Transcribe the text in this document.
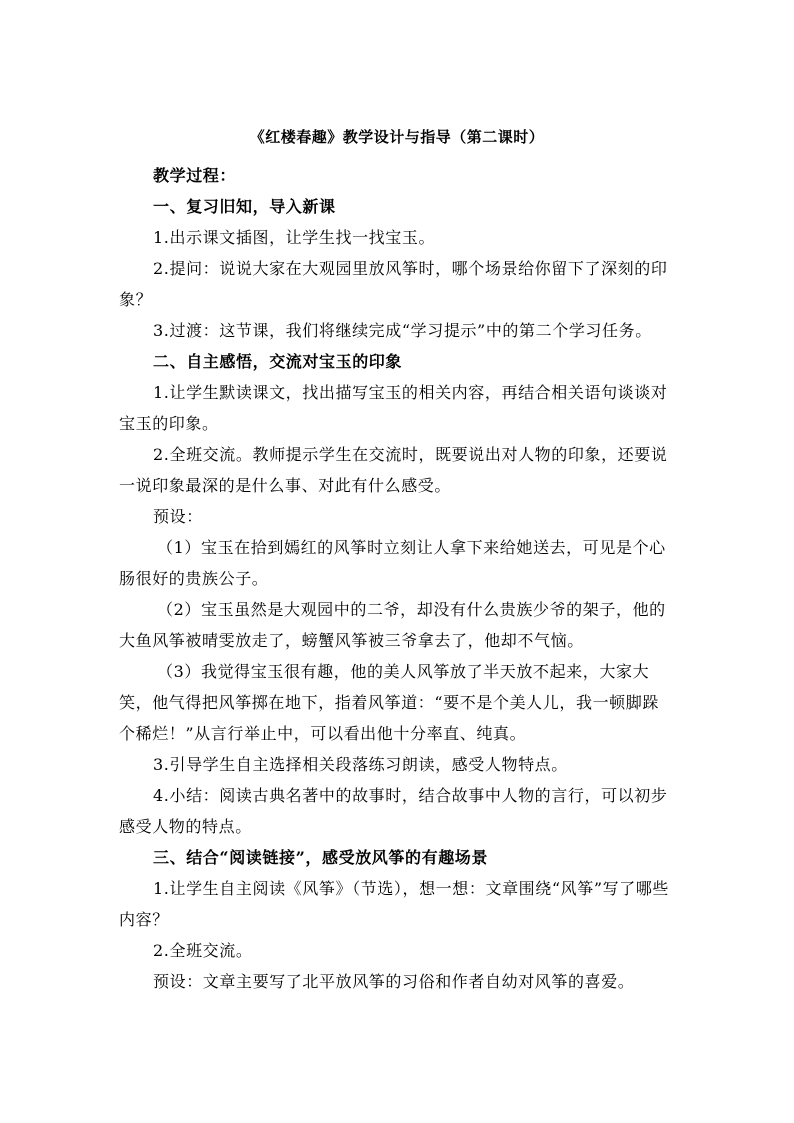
《红楼春趣》教学设计与指导（第二课时）

教学过程：

一、复习旧知，导入新课

1.出示课文插图，让学生找一找宝玉。

2.提问：说说大家在大观园里放风筝时，哪个场景给你留下了深刻的印象？

3.过渡：这节课，我们将继续完成“学习提示”中的第二个学习任务。

二、自主感悟，交流对宝玉的印象

1.让学生默读课文，找出描写宝玉的相关内容，再结合相关语句谈谈对宝玉的印象。

2.全班交流。教师提示学生在交流时，既要说出对人物的印象，还要说一说印象最深的是什么事、对此有什么感受。

预设：

（1）宝玉在拾到嫣红的风筝时立刻让人拿下来给她送去，可见是个心肠很好的贵族公子。

（2）宝玉虽然是大观园中的二爷，却没有什么贵族少爷的架子，他的大鱼风筝被晴雯放走了，螃蟹风筝被三爷拿去了，他却不气恼。

（3）我觉得宝玉很有趣，他的美人风筝放了半天放不起来，大家大笑，他气得把风筝掷在地下，指着风筝道：“要不是个美人儿，我一顿脚跺个稀烂！”从言行举止中，可以看出他十分率直、纯真。

3.引导学生自主选择相关段落练习朗读，感受人物特点。

4.小结：阅读古典名著中的故事时，结合故事中人物的言行，可以初步感受人物的特点。

三、结合“阅读链接”，感受放风筝的有趣场景

1.让学生自主阅读《风筝》（节选），想一想：文章围绕“风筝”写了哪些内容？

2.全班交流。

预设：文章主要写了北平放风筝的习俗和作者自幼对风筝的喜爱。
